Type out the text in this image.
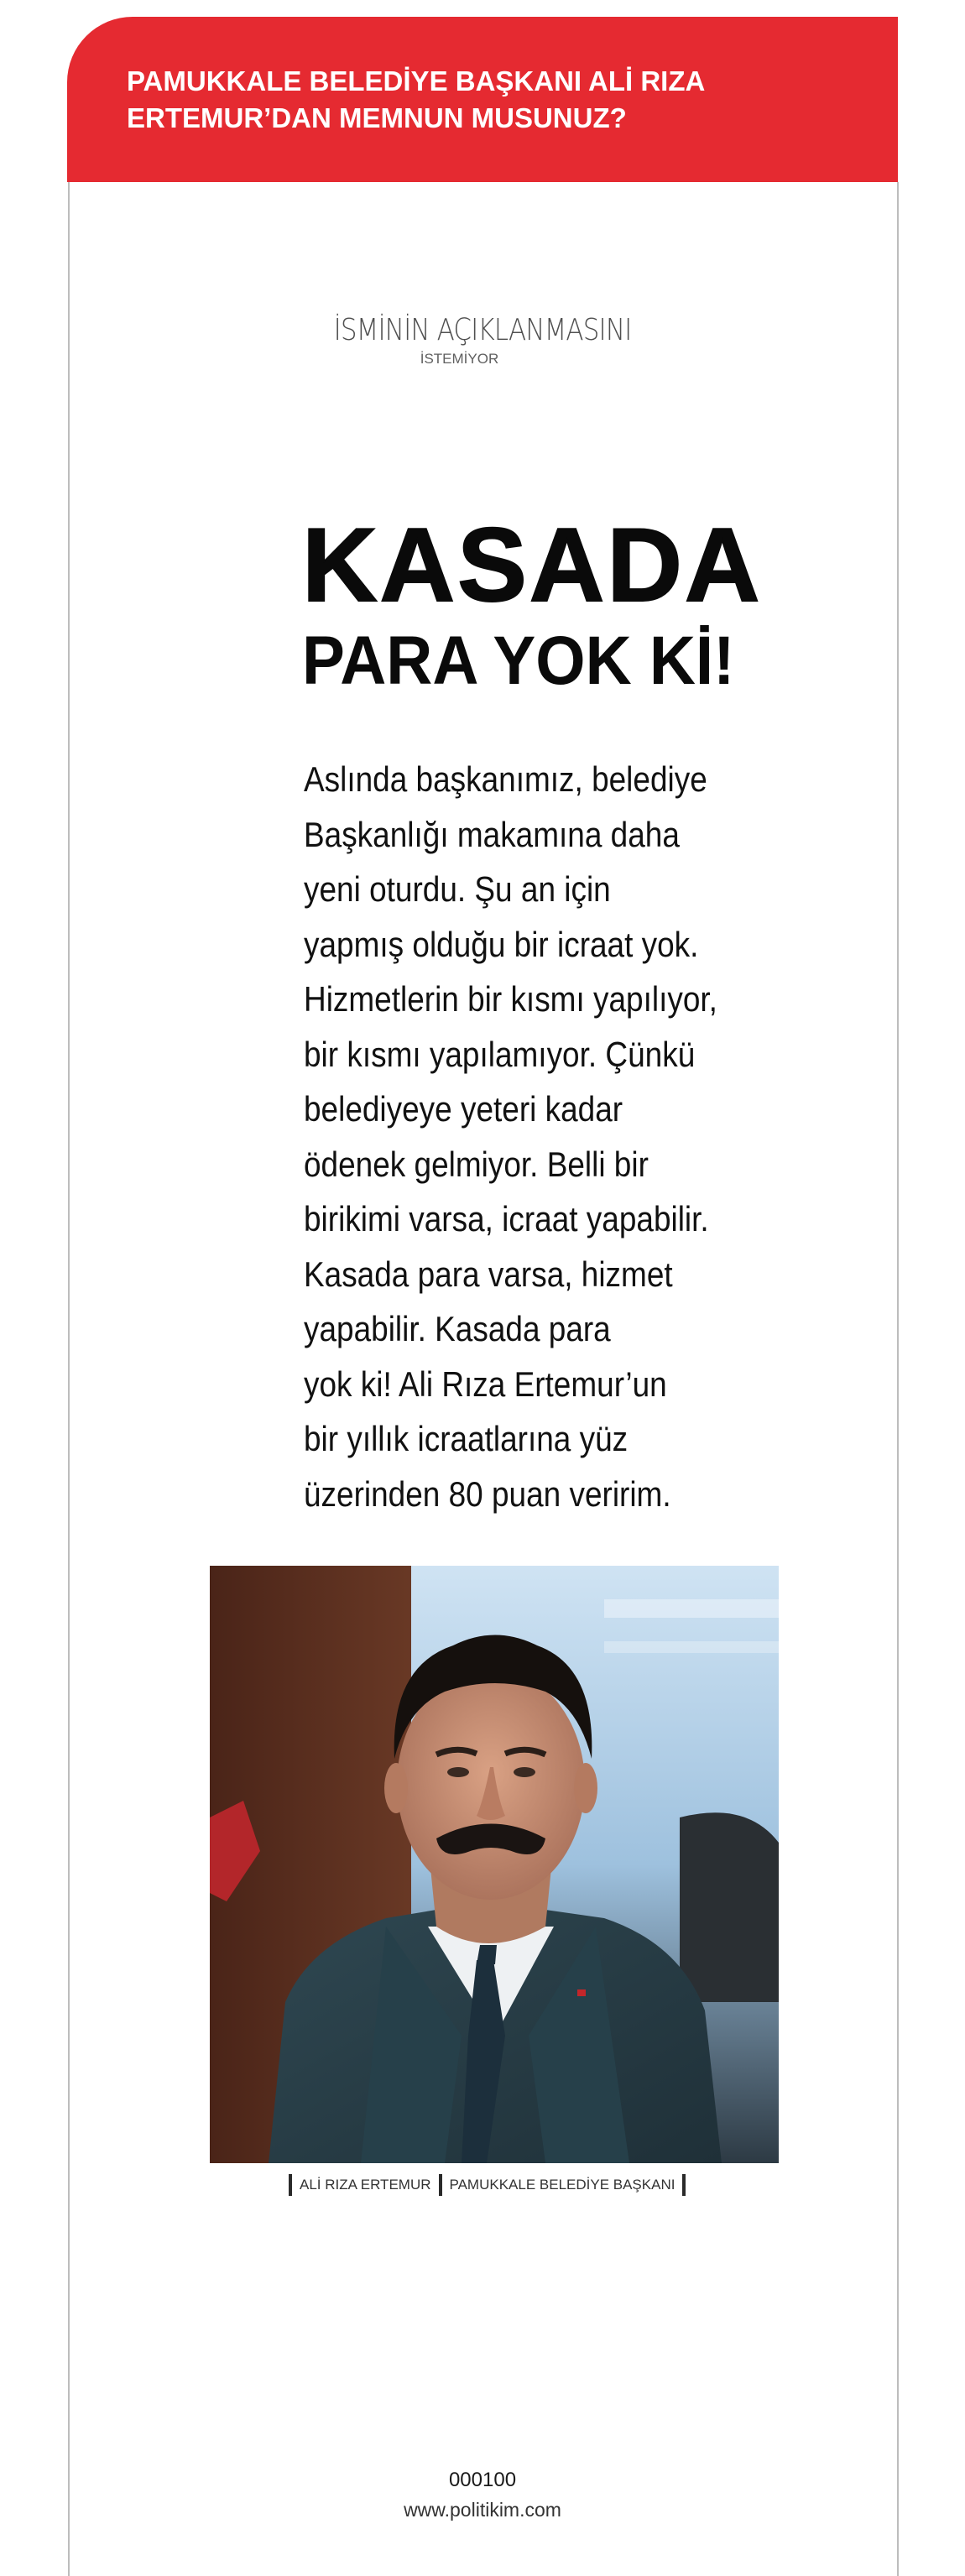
PAMUKKALE BELEDİYE BAŞKANI ALİ RIZA ERTEMUR’DAN MEMNUN MUSUNUZ?

İSMİNİN AÇIKLANMASINI
İSTEMİYOR
KASADA
PARA YOK Kİ!
Aslında başkanımız, belediye
Başkanlığı makamına daha
yeni oturdu. Şu an için
yapmış olduğu bir icraat yok.
Hizmetlerin bir kısmı yapılıyor,
bir kısmı yapılamıyor. Çünkü
belediyeye yeteri kadar
ödenek gelmiyor. Belli bir
birikimi varsa, icraat yapabilir.
Kasada para varsa, hizmet
yapabilir. Kasada para
yok ki! Ali Rıza Ertemur’un
bir yıllık icraatlarına yüz
üzerinden 80 puan veririm.
ALİ RIZA ERTEMUR	PAMUKKALE BELEDİYE BAŞKANI
000100
www.politikim.com
